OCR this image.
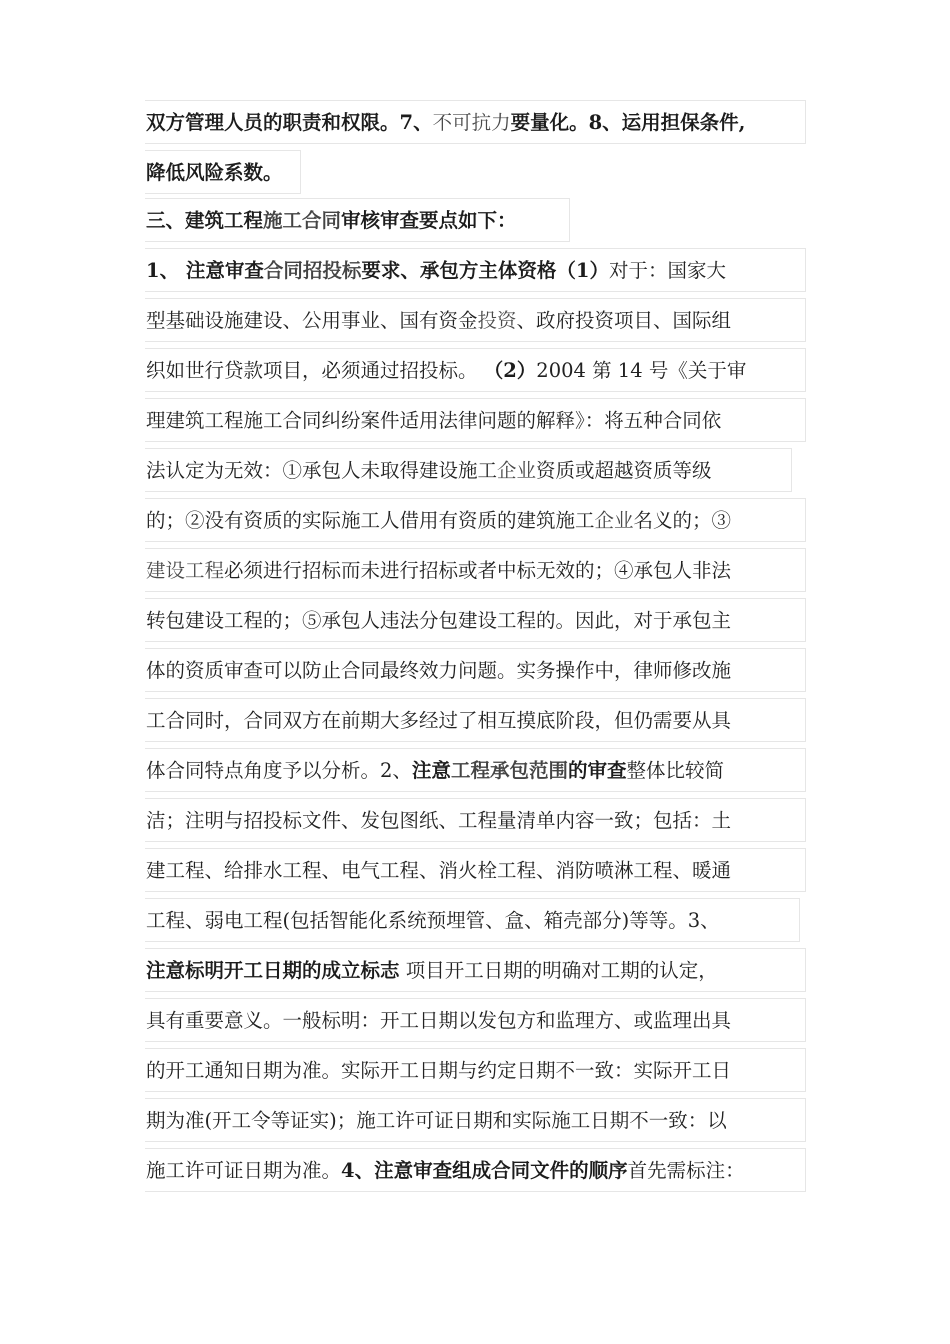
双方管理人员的职责和权限。7、不可抗力要量化。8、运用担保条件,
降低风险系数。
三、建筑工程施工合同审核审查要点如下：
1、 注意审查合同招投标要求、承包方主体资格（1）对于：国家大
型基础设施建设、公用事业、国有资金投资、政府投资项目、国际组
织如世行贷款项目，必须通过招投标。 （2）2004 第 14 号《关于审
理建筑工程施工合同纠纷案件适用法律问题的解释》：将五种合同依
法认定为无效：①承包人未取得建设施工企业资质或超越资质等级
的；②没有资质的实际施工人借用有资质的建筑施工企业名义的；③
建设工程必须进行招标而未进行招标或者中标无效的；④承包人非法
转包建设工程的；⑤承包人违法分包建设工程的。因此，对于承包主
体的资质审查可以防止合同最终效力问题。实务操作中，律师修改施
工合同时，合同双方在前期大多经过了相互摸底阶段，但仍需要从具
体合同特点角度予以分析。2、注意工程承包范围的审查整体比较简
洁；注明与招投标文件、发包图纸、工程量清单内容一致；包括：土
建工程、给排水工程、电气工程、消火栓工程、消防喷淋工程、暖通
工程、弱电工程(包括智能化系统预埋管、盒、箱壳部分)等等。3、
注意标明开工日期的成立标志 项目开工日期的明确对工期的认定，
具有重要意义。一般标明：开工日期以发包方和监理方、或监理出具
的开工通知日期为准。实际开工日期与约定日期不一致：实际开工日
期为准(开工令等证实)；施工许可证日期和实际施工日期不一致：以
施工许可证日期为准。4、注意审查组成合同文件的顺序首先需标注：
